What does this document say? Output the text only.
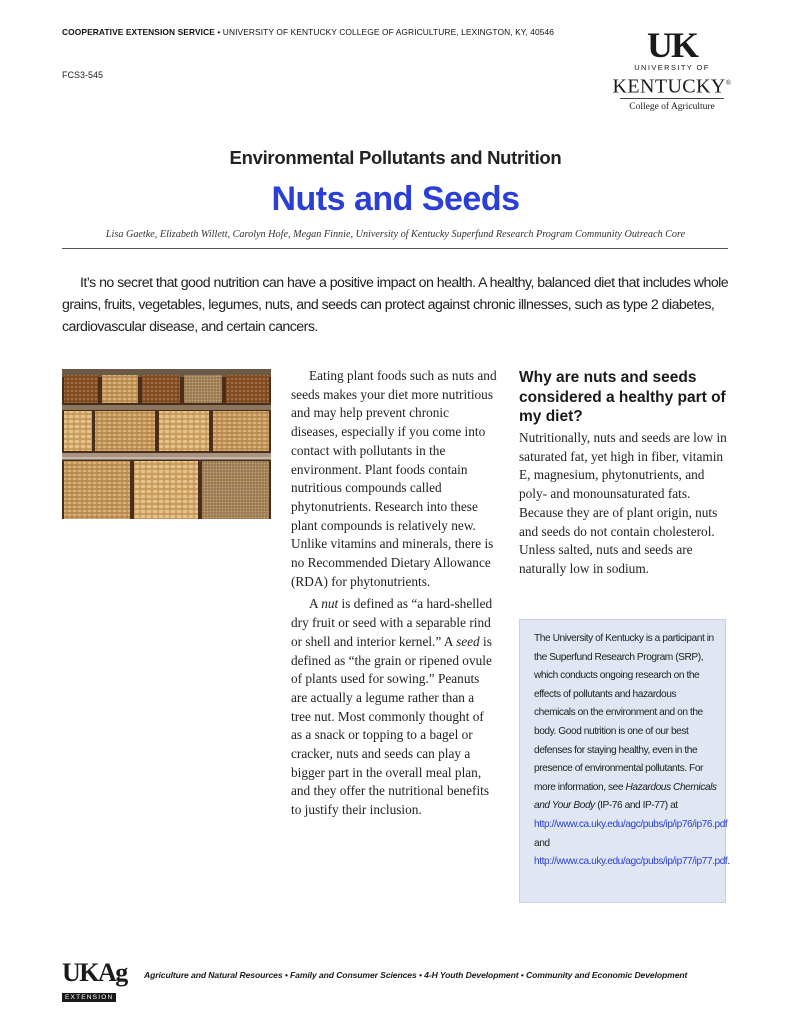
COOPERATIVE EXTENSION SERVICE • UNIVERSITY OF KENTUCKY COLLEGE OF AGRICULTURE, LEXINGTON, KY, 40546
FCS3-545
UK
UNIVERSITY OF
KENTUCKY®
College of Agriculture
Environmental Pollutants and Nutrition
Nuts and Seeds
Lisa Gaetke, Elizabeth Willett, Carolyn Hofe, Megan Finnie, University of Kentucky Superfund Research Program Community Outreach Core
It’s no secret that good nutrition can have a positive impact on health. A healthy, balanced diet that includes whole grains, fruits, vegetables, legumes, nuts, and seeds can protect against chronic illnesses, such as type 2 diabetes, cardiovascular disease, and certain cancers.

Eating plant foods such as nuts and seeds makes your diet more nutritious and may help prevent chronic diseases, especially if you come into contact with pollutants in the environment. Plant foods contain nutritious compounds called phytonutrients. Research into these plant compounds is relatively new. Unlike vitamins and minerals, there is no Recommended Dietary Allowance (RDA) for phytonutrients.

A nut is defined as “a hard-shelled dry fruit or seed with a separable rind or shell and interior kernel.” A seed is defined as “the grain or ripened ovule of plants used for sowing.” Peanuts are actually a legume rather than a tree nut. Most commonly thought of as a snack or topping to a bagel or cracker, nuts and seeds can play a bigger part in the overall meal plan, and they offer the nutritional benefits to justify their inclusion.

Why are nuts and seeds considered a healthy part of my diet?
Nutritionally, nuts and seeds are low in saturated fat, yet high in fiber, vitamin E, magnesium, phytonutrients, and poly- and monounsaturated fats. Because they are of plant origin, nuts and seeds do not contain cholesterol. Unless salted, nuts and seeds are naturally low in sodium.
The University of Kentucky is a participant in the Superfund Research Program (SRP), which conducts ongoing research on the effects of pollutants and hazardous chemicals on the environment and on the body. Good nutrition is one of our best defenses for staying healthy, even in the presence of environmental pollutants. For more information, see Hazardous Chemicals and Your Body (IP-76 and IP-77) at http://www.ca.uky.edu/agc/pubs/ip/ip76/ip76.pdf and http://www.ca.uky.edu/agc/pubs/ip/ip77/ip77.pdf.
UKAg
EXTENSION
Agriculture and Natural Resources • Family and Consumer Sciences • 4-H Youth Development • Community and Economic Development
